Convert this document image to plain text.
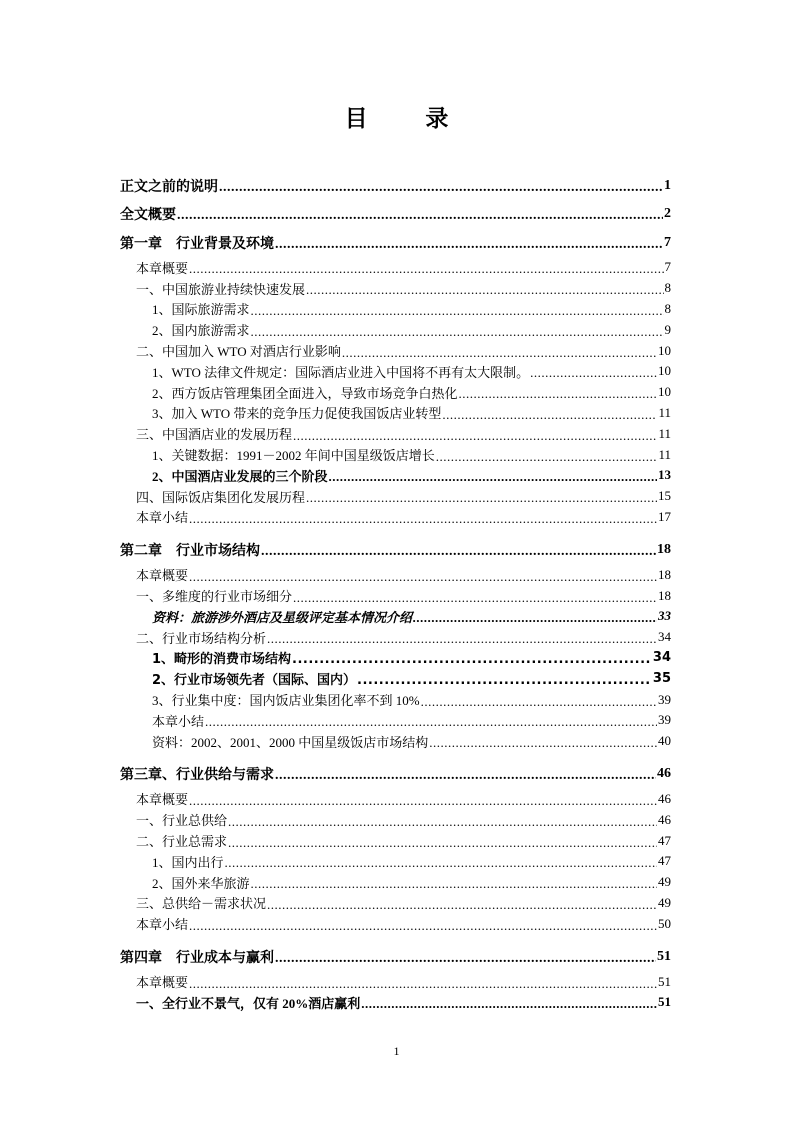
目 录
正文之前的说明 .....	1
全文概要 .....	2
第一章　行业背景及环境 .....	7
本章概要 .....	7
一、中国旅游业持续快速发展 .....	8
1、国际旅游需求 .....	8
2、国内旅游需求 .....	9
二、中国加入 WTO 对酒店行业影响 .....	10
1、WTO 法律文件规定：国际酒店业进入中国将不再有太大限制。 .....	10
2、西方饭店管理集团全面进入，导致市场竞争白热化 .....	10
3、加入 WTO 带来的竞争压力促使我国饭店业转型 .....	11
三、中国酒店业的发展历程 .....	11
1、关键数据：1991－2002 年间中国星级饭店增长 .....	11
2、中国酒店业发展的三个阶段 .....	13
四、国际饭店集团化发展历程 .....	15
本章小结 .....	17
第二章　行业市场结构 .....	18
本章概要 .....	18
一、多维度的行业市场细分 .....	18
资料：旅游涉外酒店及星级评定基本情况介绍 .....	33
二、行业市场结构分析 .....	34
1、畸形的消费市场结构 .....	34
2、行业市场领先者（国际、国内） .....	35
3、行业集中度：国内饭店业集团化率不到 10% .....	39
本章小结 .....	39
资料：2002、2001、2000 中国星级饭店市场结构 .....	40
第三章、行业供给与需求 .....	46
本章概要 .....	46
一、行业总供给 .....	46
二、行业总需求 .....	47
1、国内出行 .....	47
2、国外来华旅游 .....	49
三、总供给－需求状况 .....	49
本章小结 .....	50
第四章　行业成本与赢利 .....	51
本章概要 .....	51
一、全行业不景气，仅有 20%酒店赢利 .....	51
1
